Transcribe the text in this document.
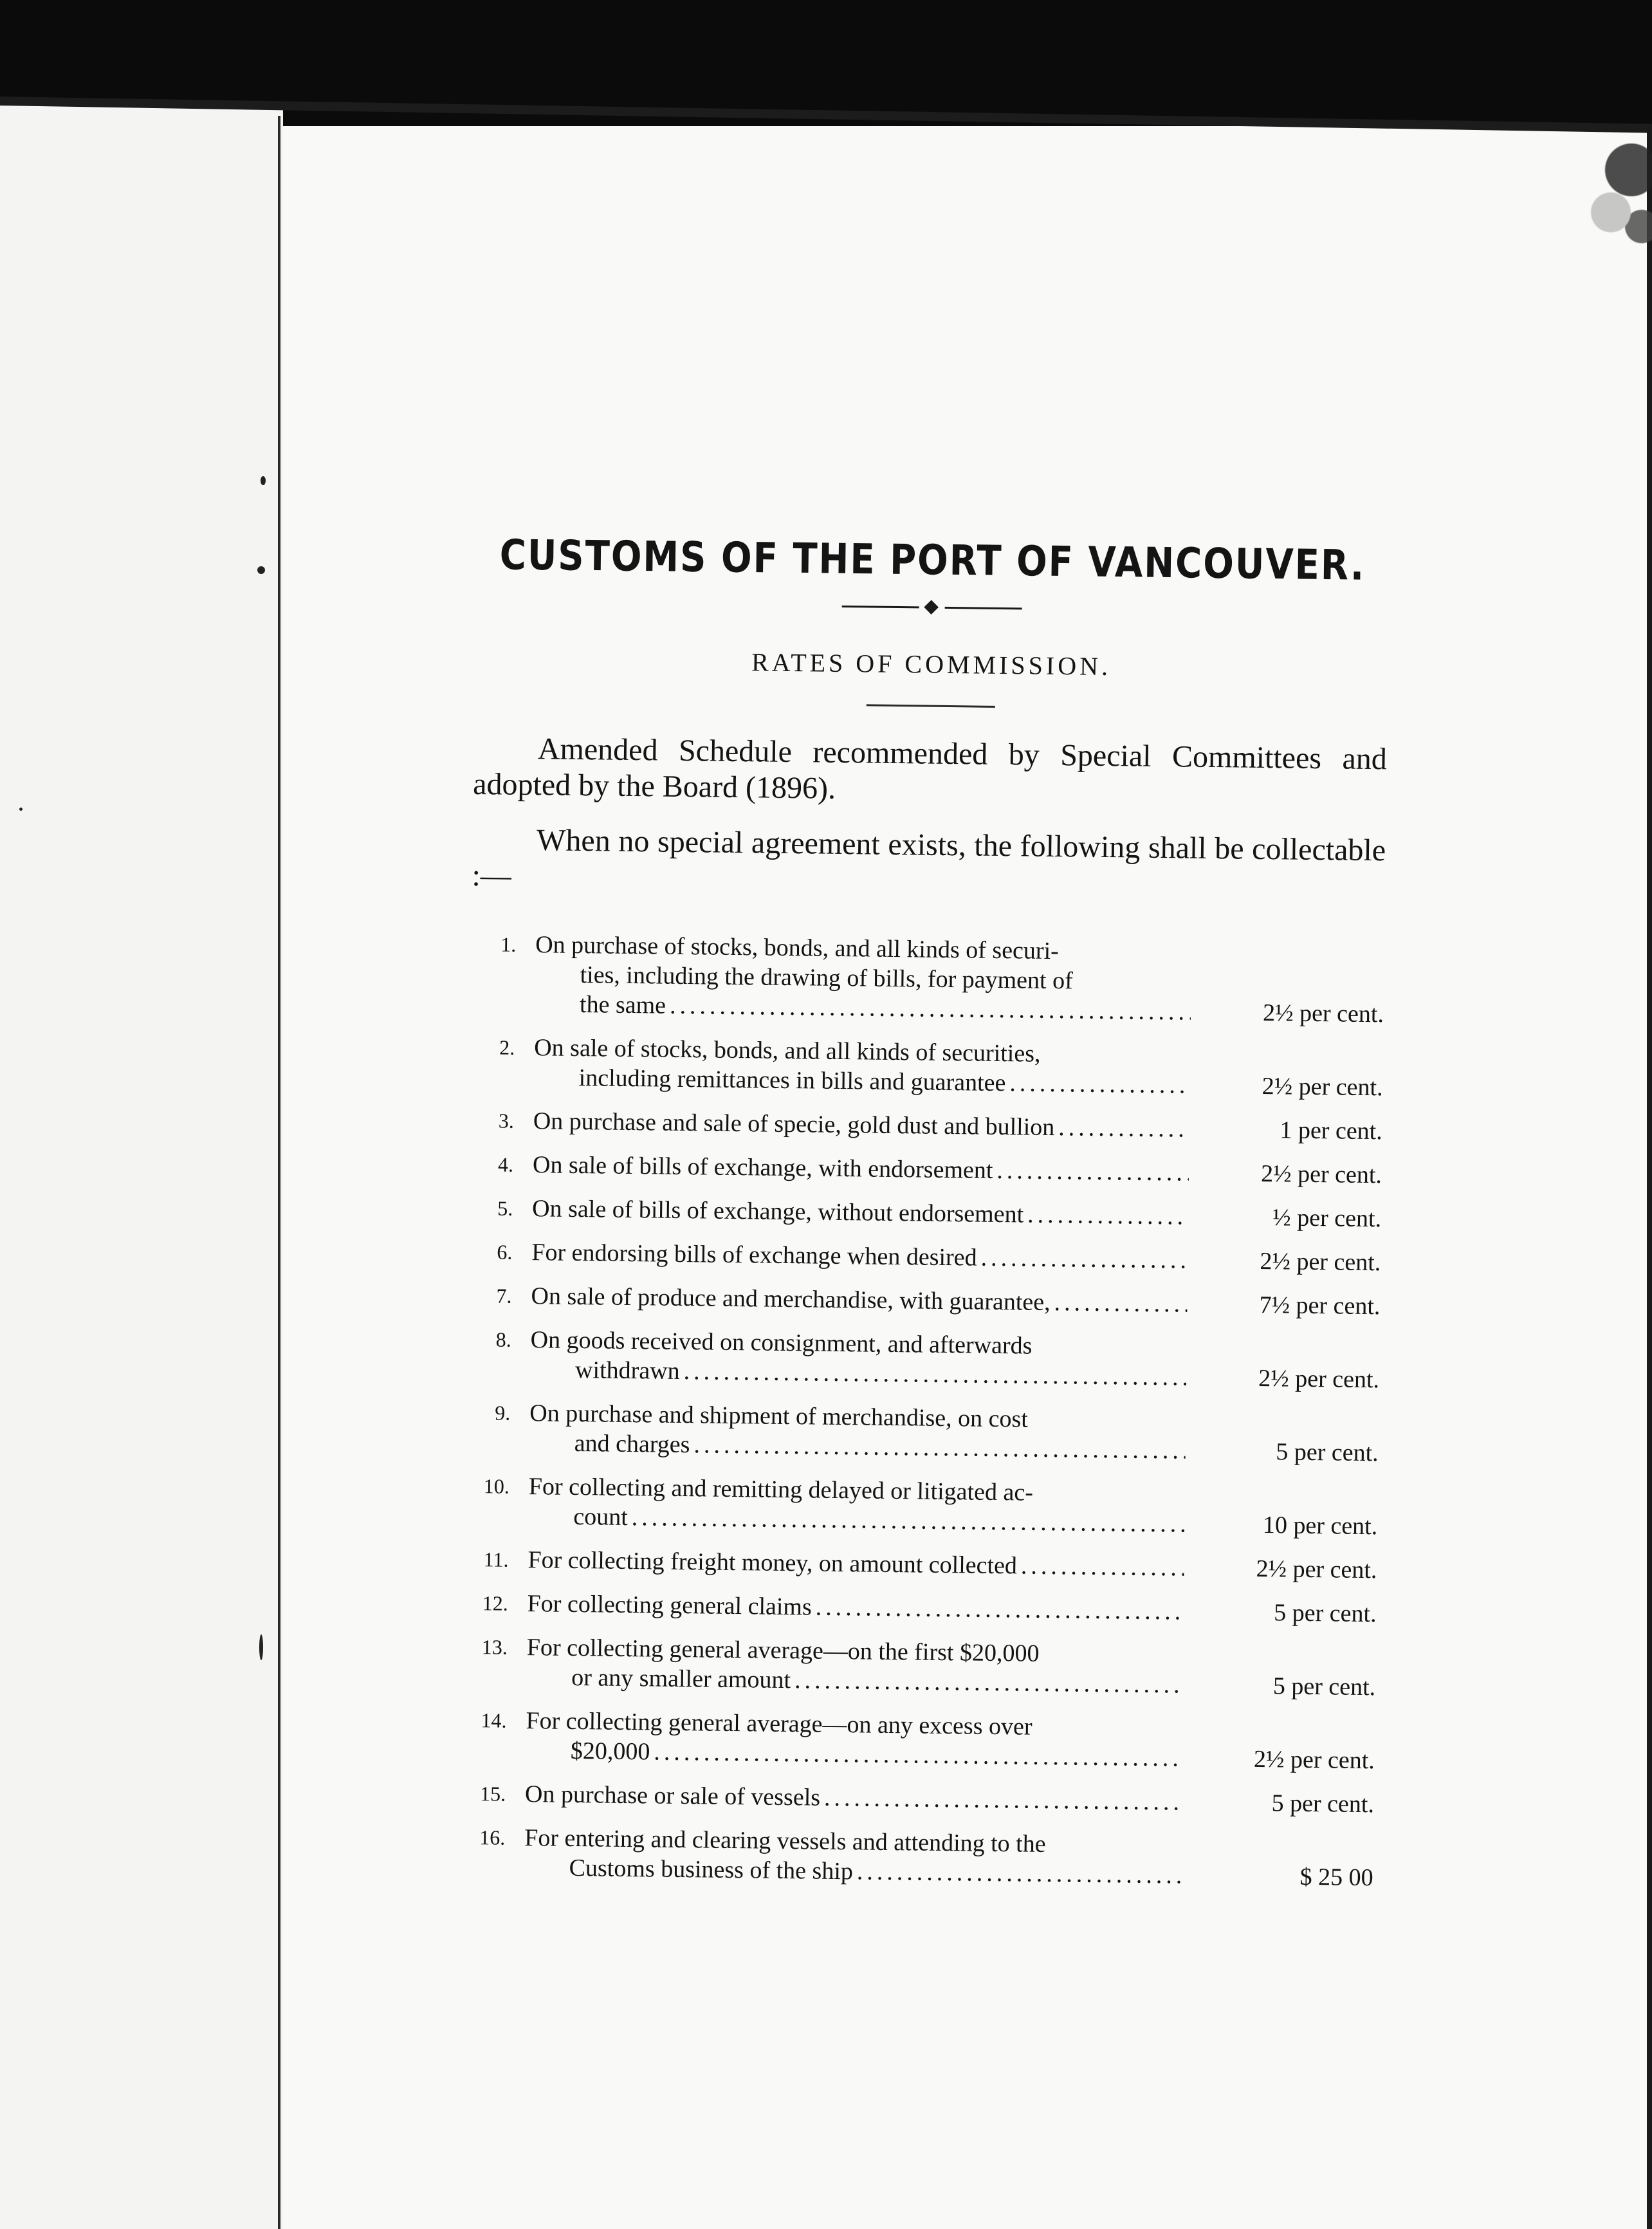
CUSTOMS OF THE PORT OF VANCOUVER.
RATES OF COMMISSION.

Amended Schedule recommended by Special Committees and adopted by the Board (1896).

When no special agreement exists, the following shall be collectable :—

1. On purchase of stocks, bonds, and all kinds of securi-
ties, including the drawing of bills, for payment of
the same .....	2½ per cent.
2. On sale of stocks, bonds, and all kinds of securities,
including remittances in bills and guarantee .....	2½ per cent.
3. On purchase and sale of specie, gold dust and bullion .....	1 per cent.
4. On sale of bills of exchange, with endorsement .....	2½ per cent.
5. On sale of bills of exchange, without endorsement .....	½ per cent.
6. For endorsing bills of exchange when desired .....	2½ per cent.
7. On sale of produce and merchandise, with guarantee, .....	7½ per cent.
8. On goods received on consignment, and afterwards
withdrawn .....	2½ per cent.
9. On purchase and shipment of merchandise, on cost
and charges .....	5 per cent.
10. For collecting and remitting delayed or litigated ac-
count .....	10 per cent.
11. For collecting freight money, on amount collected .....	2½ per cent.
12. For collecting general claims .....	5 per cent.
13. For collecting general average—on the first $20,000
or any smaller amount .....	5 per cent.
14. For collecting general average—on any excess over
$20,000 .....	2½ per cent.
15. On purchase or sale of vessels .....	5 per cent.
16. For entering and clearing vessels and attending to the
Customs business of the ship .....	$ 25 00
